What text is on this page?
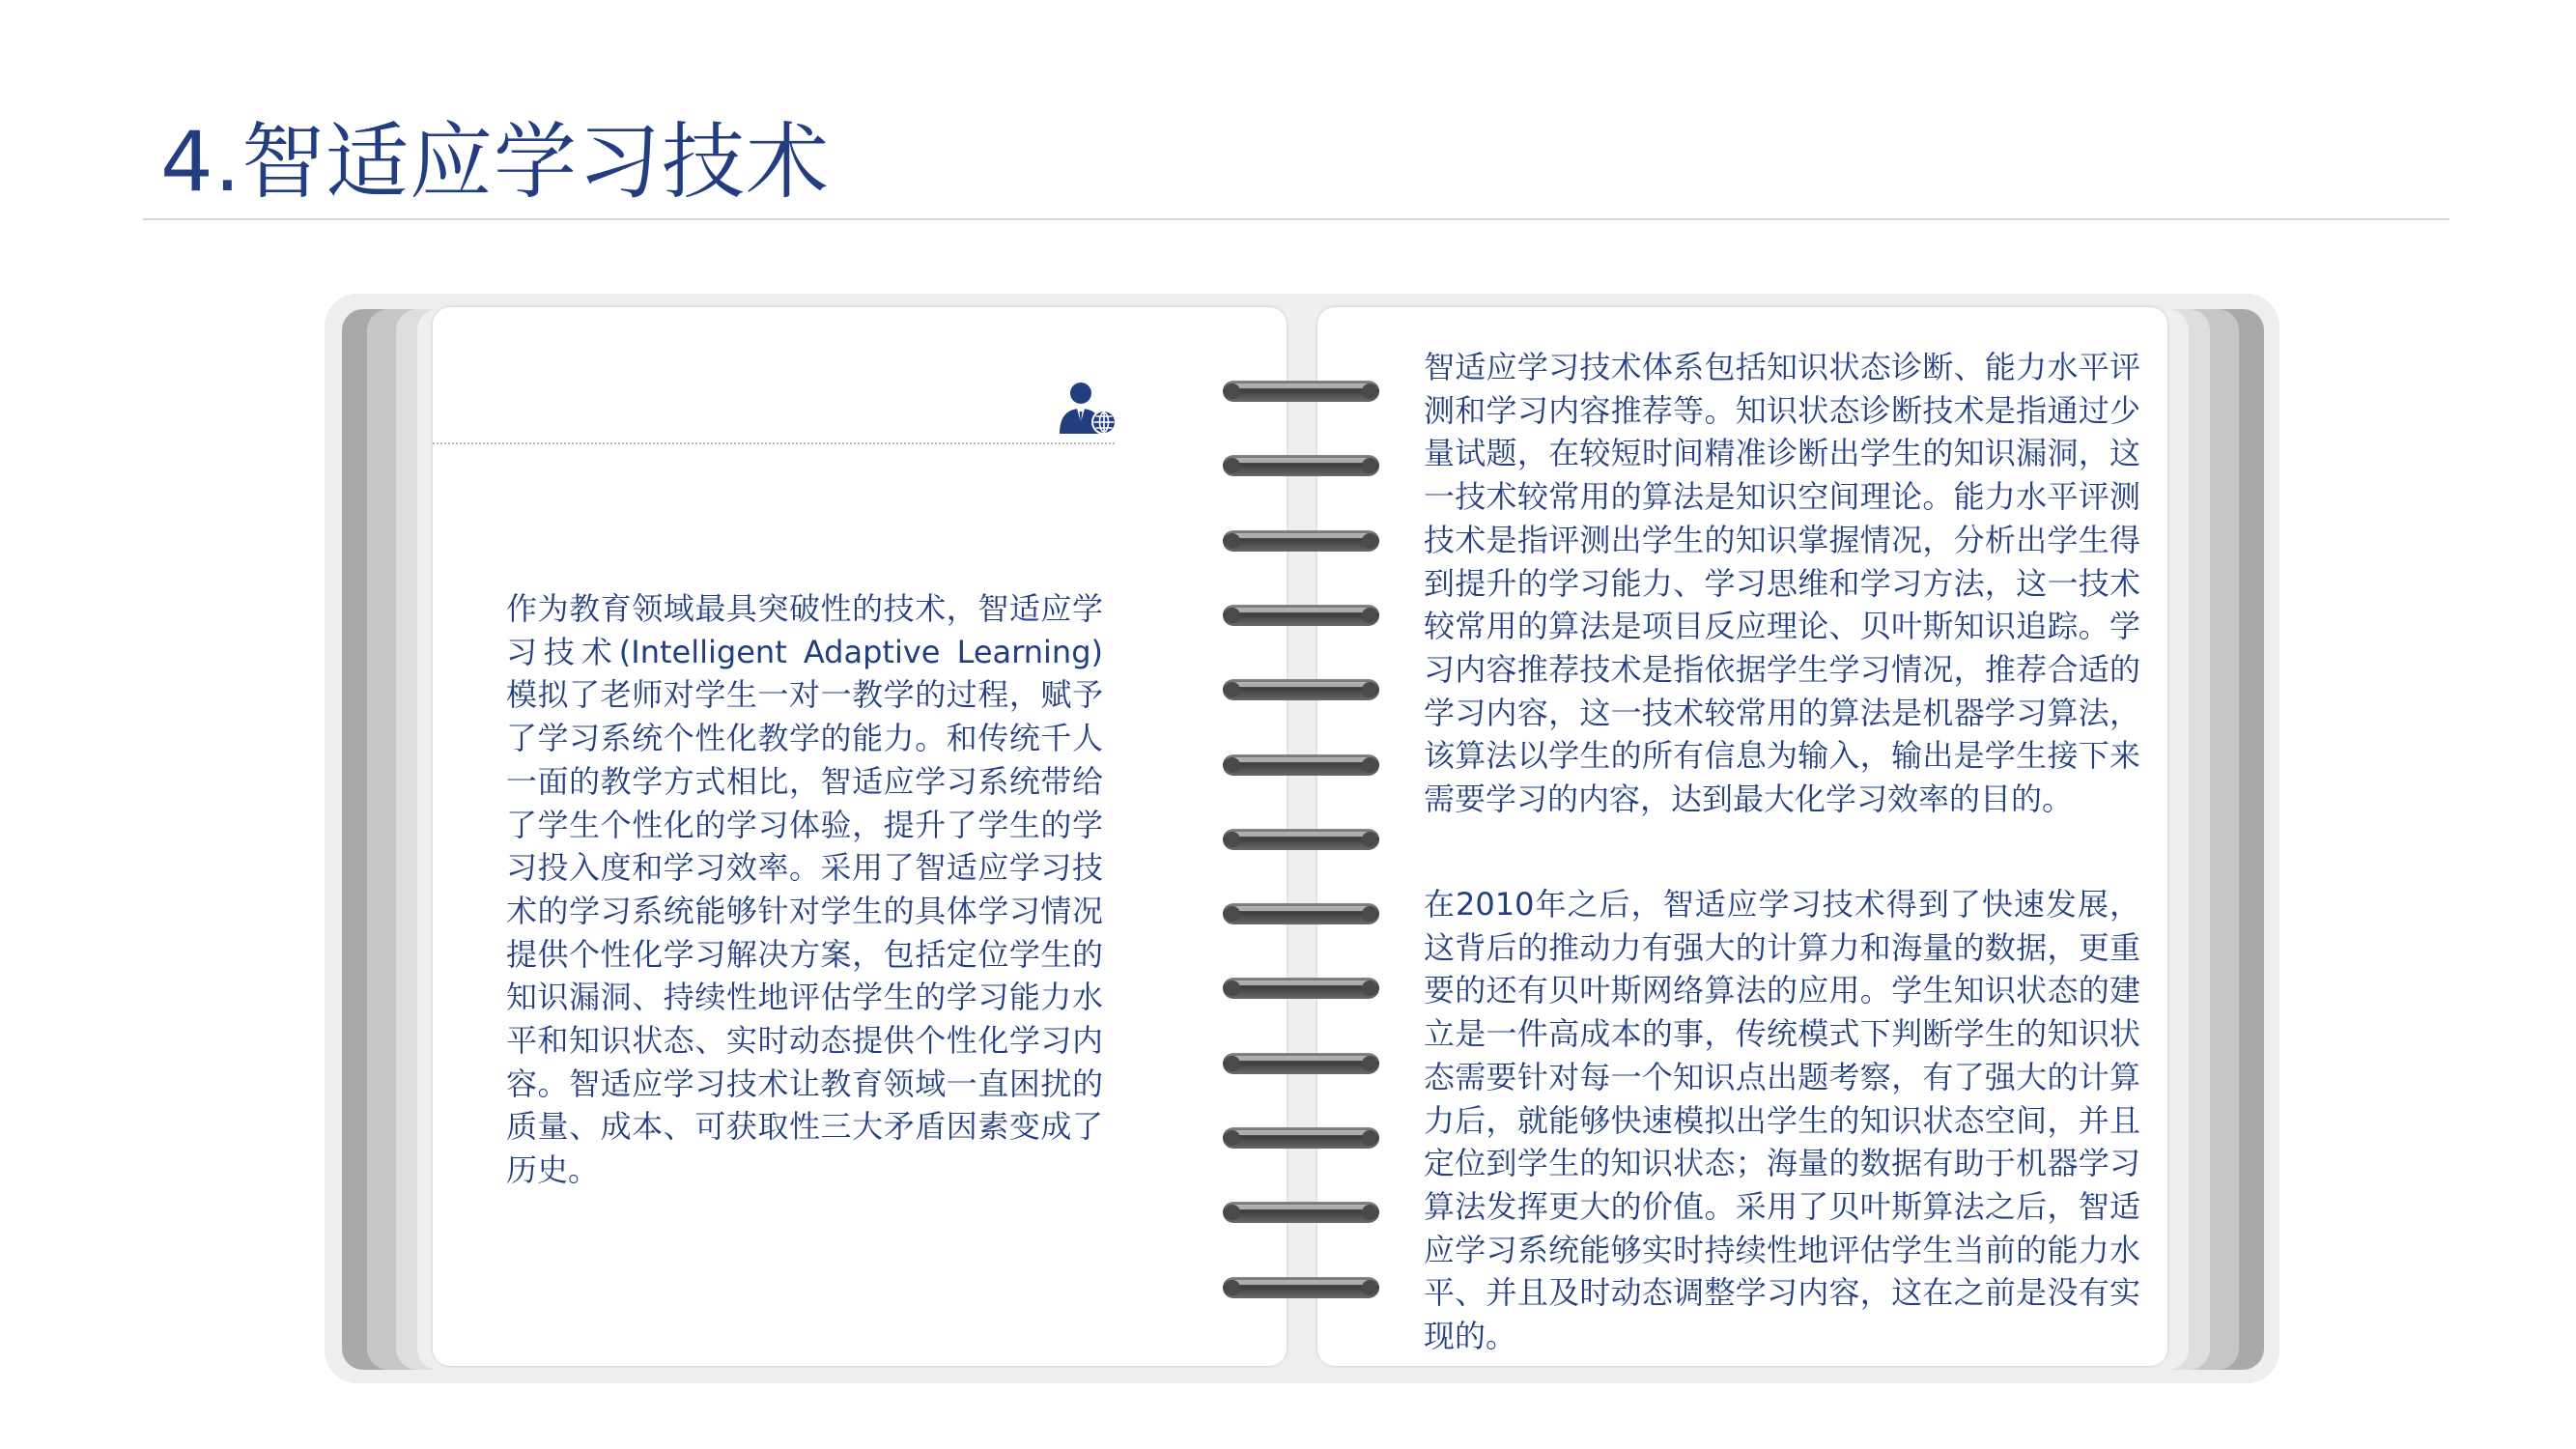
4.智适应学习技术

作为教育领域最具突破性的技术，智适应学习技术(Intelligent Adaptive Learning) 模拟了老师对学生一对一教学的过程，赋予了学习系统个性化教学的能力。和传统千人一面的教学方式相比，智适应学习系统带给了学生个性化的学习体验，提升了学生的学习投入度和学习效率。采用了智适应学习技术的学习系统能够针对学生的具体学习情况提供个性化学习解决方案，包括定位学生的知识漏洞、持续性地评估学生的学习能力水平和知识状态、实时动态提供个性化学习内容。智适应学习技术让教育领域一直困扰的质量、成本、可获取性三大矛盾因素变成了历史。

智适应学习技术体系包括知识状态诊断、能力水平评测和学习内容推荐等。知识状态诊断技术是指通过少量试题，在较短时间精准诊断出学生的知识漏洞，这一技术较常用的算法是知识空间理论。能力水平评测技术是指评测出学生的知识掌握情况，分析出学生得到提升的学习能力、学习思维和学习方法，这一技术较常用的算法是项目反应理论、贝叶斯知识追踪。学习内容推荐技术是指依据学生学习情况，推荐合适的学习内容，这一技术较常用的算法是机器学习算法，该算法以学生的所有信息为输入，输出是学生接下来需要学习的内容，达到最大化学习效率的目的。

在2010年之后，智适应学习技术得到了快速发展，这背后的推动力有强大的计算力和海量的数据，更重要的还有贝叶斯网络算法的应用。学生知识状态的建立是一件高成本的事，传统模式下判断学生的知识状态需要针对每一个知识点出题考察，有了强大的计算力后，就能够快速模拟出学生的知识状态空间，并且定位到学生的知识状态；海量的数据有助于机器学习算法发挥更大的价值。采用了贝叶斯算法之后，智适应学习系统能够实时持续性地评估学生当前的能力水平、并且及时动态调整学习内容，这在之前是没有实现的。
